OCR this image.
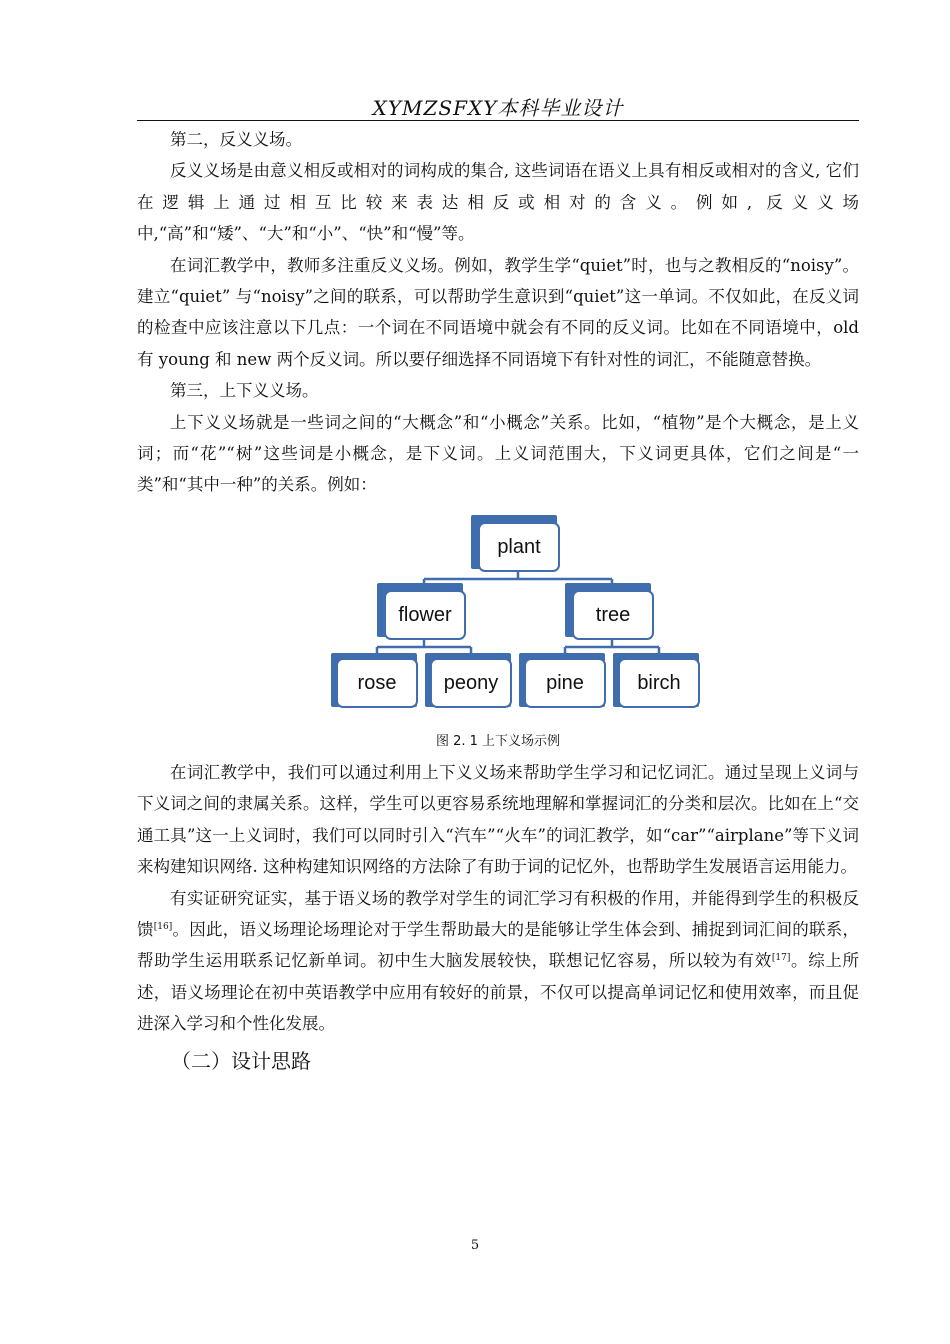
XYMZSFXY本科毕业设计

第二，反义义场。

反义义场是由意义相反或相对的词构成的集合, 这些词语在语义上具有相反或相对的含义, 它们在逻辑上通过相互比较来表达相反或相对的含义。例如, 反义义场中,“高”和“矮”、“大”和“小”、“快”和“慢”等。

在词汇教学中，教师多注重反义义场。例如，教学生学“quiet”时，也与之教相反的“noisy”。建立“quiet” 与“noisy”之间的联系，可以帮助学生意识到“quiet”这一单词。不仅如此，在反义词的检查中应该注意以下几点：一个词在不同语境中就会有不同的反义词。比如在不同语境中，old 有 young 和 new 两个反义词。所以要仔细选择不同语境下有针对性的词汇，不能随意替换。

第三，上下义义场。

上下义义场就是一些词之间的“大概念”和“小概念”关系。比如，“植物”是个大概念，是上义词；而“花”“树”这些词是小概念，是下义词。上义词范围大，下义词更具体，它们之间是“一类”和“其中一种”的关系。例如：

plant
flower	tree
rose peony pine	birch
图 2. 1 上下义场示例

在词汇教学中，我们可以通过利用上下义义场来帮助学生学习和记忆词汇。通过呈现上义词与下义词之间的隶属关系。这样，学生可以更容易系统地理解和掌握词汇的分类和层次。比如在上“交通工具”这一上义词时，我们可以同时引入“汽车”“火车”的词汇教学，如“car”“airplane”等下义词来构建知识网络. 这种构建知识网络的方法除了有助于词的记忆外，也帮助学生发展语言运用能力。

有实证研究证实，基于语义场的教学对学生的词汇学习有积极的作用，并能得到学生的积极反馈[16]。因此，语义场理论场理论对于学生帮助最大的是能够让学生体会到、捕捉到词汇间的联系，帮助学生运用联系记忆新单词。初中生大脑发展较快，联想记忆容易，所以较为有效[17]。综上所述，语义场理论在初中英语教学中应用有较好的前景，不仅可以提高单词记忆和使用效率，而且促进深入学习和个性化发展。

（二）设计思路
5
